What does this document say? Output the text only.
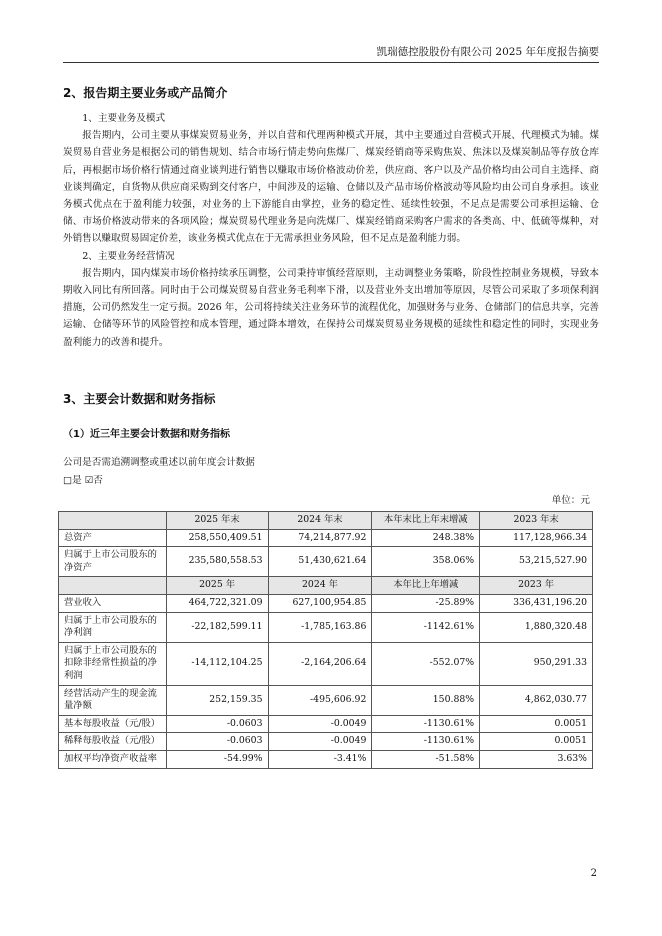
凯瑞德控股股份有限公司 2025 年年度报告摘要
2、报告期主要业务或产品简介

1、主要业务及模式

报告期内，公司主要从事煤炭贸易业务，并以自营和代理两种模式开展，其中主要通过自营模式开展、代理模式为辅。煤炭贸易自营业务是根据公司的销售规划、结合市场行情走势向焦煤厂、煤炭经销商等采购焦炭、焦沫以及煤炭制品等存放仓库后，再根据市场价格行情通过商业谈判进行销售以赚取市场价格波动价差，供应商、客户以及产品价格均由公司自主选择、商业谈判确定，自货物从供应商采购到交付客户，中间涉及的运输、仓储以及产品市场价格波动等风险均由公司自身承担。该业务模式优点在于盈利能力较强，对业务的上下游能自由掌控，业务的稳定性、延续性较强，不足点是需要公司承担运输、仓储、市场价格波动带来的各项风险；煤炭贸易代理业务是向洗煤厂、煤炭经销商采购客户需求的各类高、中、低硫等煤种，对外销售以赚取贸易固定价差，该业务模式优点在于无需承担业务风险，但不足点是盈利能力弱。

2、主要业务经营情况

报告期内，国内煤炭市场价格持续承压调整，公司秉持审慎经营原则，主动调整业务策略，阶段性控制业务规模，导致本期收入同比有所回落。同时由于公司煤炭贸易自营业务毛利率下滑，以及营业外支出增加等原因，尽管公司采取了多项保利润措施，公司仍然发生一定亏损。2026 年，公司将持续关注业务环节的流程优化，加强财务与业务、仓储部门的信息共享，完善运输、仓储等环节的风险管控和成本管理，通过降本增效，在保持公司煤炭贸易业务规模的延续性和稳定性的同时，实现业务盈利能力的改善和提升。

3、主要会计数据和财务指标
（1）近三年主要会计数据和财务指标
公司是否需追溯调整或重述以前年度会计数据
□是 ☑否
单位：元
	2025 年末	2024 年末	本年末比上年末增减	2023 年末
总资产	258,550,409.51	74,214,877.92	248.38%	117,128,966.34
归属于上市公司股东的净资产	235,580,558.53	51,430,621.64	358.06%	53,215,527.90
	2025 年	2024 年	本年比上年增减	2023 年
营业收入	464,722,321.09	627,100,954.85	-25.89%	336,431,196.20
归属于上市公司股东的净利润	-22,182,599.11	-1,785,163.86	-1142.61%	1,880,320.48
归属于上市公司股东的扣除非经常性损益的净利润	-14,112,104.25	-2,164,206.64	-552.07%	950,291.33
经营活动产生的现金流量净额	252,159.35	-495,606.92	150.88%	4,862,030.77
基本每股收益（元/股）	-0.0603	-0.0049	-1130.61%	0.0051
稀释每股收益（元/股）	-0.0603	-0.0049	-1130.61%	0.0051
加权平均净资产收益率	-54.99%	-3.41%	-51.58%	3.63%
2
